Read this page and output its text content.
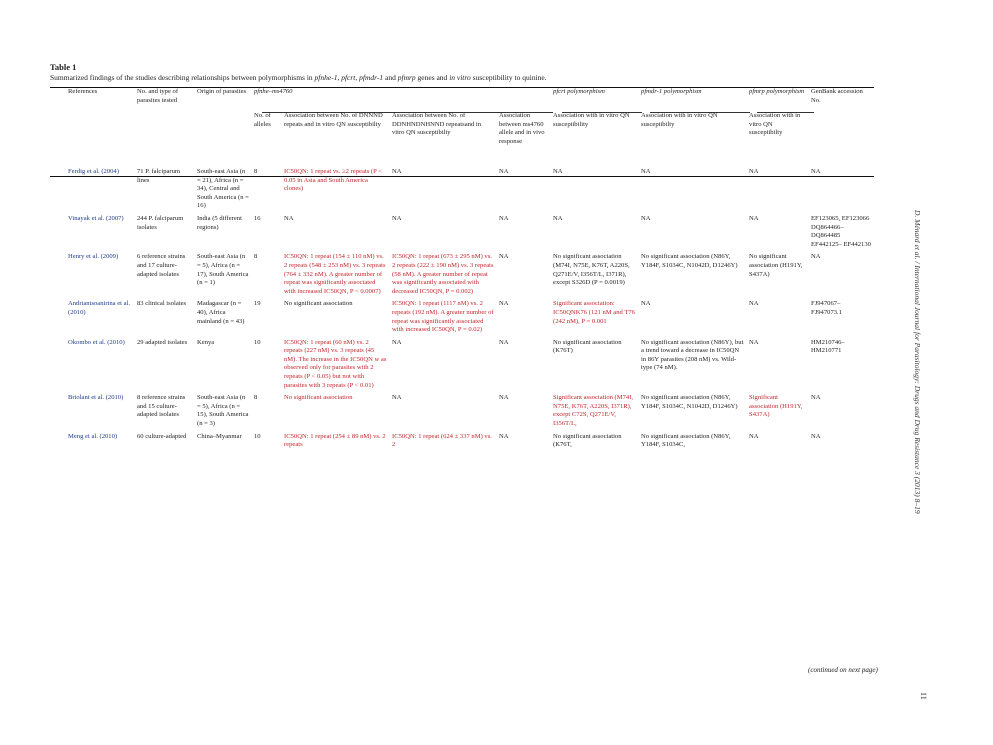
Table 1
Summarized findings of the studies describing relationships between polymorphisms in pfnhe-1, pfcrt, pfmdr-1 and pfmrp genes and in vitro susceptibility to quinine.
References	No. and type of parasites tested	Origin of parasites	pfnhe–ms4760				pfcrt polymorphism	pfmdr-1 polymorphism	pfmrp polymorphism	GenBank accession No.
			No. of alleles	Association between No. of DNNND repeats and in vitro QN susceptibilty	Association between No. of DDNHNDNHNND repeatsand in vitro QN susceptibilty	Association between ms4760 allele and in vivo response	Association with in vitro QN susceptibility	Association with in vitro QN susceptibilty	Association with in vitro QN susceptibilty	
Ferdig et al. (2004)	71 P. falciparum lines	South-east Asia (n = 21), Africa (n = 34), Central and South America (n = 16)	8	IC50QN: 1 repeat vs. ≥2 repeats (P < 0.05 in Asia and South America clones)	NA	NA	NA	NA	NA	NA
Vinayak et al. (2007)	244 P. falciparum isolates	India (5 different regions)	16	NA	NA	NA	NA	NA	NA	EF123065, EF123066 DQ864466– DQ864485 EF442125– EF442130
Henry et al. (2009)	6 reference strains and 17 culture-adapted isolates	South-east Asia (n = 5), Africa (n = 17), South America (n = 1)	8	IC50QN: 1 repeat (154 ± 110 nM) vs. 2 repeats (548 ± 253 nM) vs. 3 repeats (764 ± 332 nM). A greater number of repeat was significantly associated with increased IC50QN, P < 0.0007)	IC50QN: 1 repeat (673 ± 295 nM) vs. 2 repeats (222 ± 190 nM) vs. 3 repeats (58 nM). A greater number of repeat was significantly associated with decreased IC50QN, P = 0.002)	NA	No significant association (M74I, N75E, K76T, A220S, Q271E/V, I356T/L, I371R), except S326D (P = 0.0019)	No significant association (N86Y, Y184F, S1034C, N1042D, D1246Y)	No significant association (H191Y, S437A)	NA
Andriantsoanirina et al. (2010)	83 clinical isolates	Madagascar (n = 40), Africa mainland (n = 43)	19	No significant association	IC50QN: 1 repeat (1117 nM) vs. 2 repeats (192 nM). A greater number of repeat was significantly associated with increased IC50QN, P = 0.02)	NA	Significant association: IC50QNK76 (121 nM and T76 (242 nM), P = 0.001	NA	NA	FJ947067– FJ947073.1
Okombo et al. (2010)	29 adapted isolates	Kenya	10	IC50QN: 1 repeat (60 nM) vs. 2 repeats (227 nM) vs. 3 repeats (45 nM). The increase in the IC50QN w as observed only for parasites with 2 repeats (P < 0.05) but not with parasites with 3 repeats (P < 0.01)	NA	NA	No significant association (K76T)	No significant association (N86Y), but a trend toward a decrease in IC50QN in 86Y parasites (208 nM) vs. Wild-type (74 nM).	NA	HM210746– HM210771
Briolant et al. (2010)	8 reference strains and 15 culture-adapted isolates	South-east Asia (n = 5), Africa (n = 15), South America (n = 3)	8	No significant association	NA	NA	Significant association (M74I, N75E, K76T, A220S, I371R), except C72S, Q271E/V, I356T/L,	No significant association (N86Y, Y184F, S1034C, N1042D, D1246Y)	Significant association (H191Y, S437A)	NA
Meng et al. (2010)	60 culture-adapted	China–Myanmar	10	IC50QN: 1 repeat (254 ± 89 nM) vs. 2 repeats	IC50QN: 1 repeat (624 ± 337 nM) vs. 2	NA	No significant association (K76T,	No significant association (N86Y, Y184F, S1034C,	NA	NA
(continued on next page)
D. Ménard et al. / International Journal for Parasitology: Drugs and Drug Resistance 3 (2013) 8–19
11
